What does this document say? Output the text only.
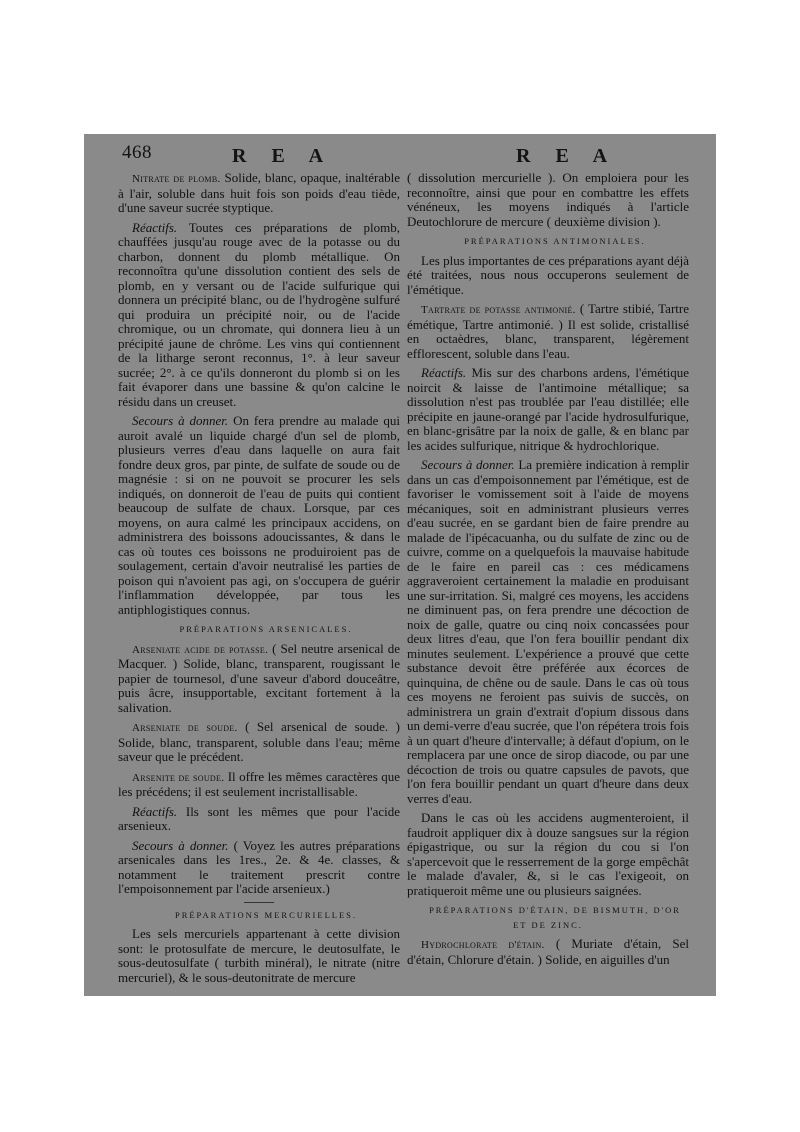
468	R E A	R E A

Nitrate de plomb. Solide, blanc, opaque, inaltérable à l'air, soluble dans huit fois son poids d'eau tiède, d'une saveur sucrée styptique.

Réactifs. Toutes ces préparations de plomb, chauffées jusqu'au rouge avec de la potasse ou du charbon, donnent du plomb métallique. On reconnoîtra qu'une dissolution contient des sels de plomb, en y versant ou de l'acide sulfurique qui donnera un précipité blanc, ou de l'hydrogène sulfuré qui produira un précipité noir, ou de l'acide chromique, ou un chromate, qui donnera lieu à un précipité jaune de chrôme. Les vins qui contiennent de la litharge seront reconnus, 1°. à leur saveur sucrée; 2°. à ce qu'ils donneront du plomb si on les fait évaporer dans une bassine & qu'on calcine le résidu dans un creuset.

Secours à donner. On fera prendre au malade qui auroit avalé un liquide chargé d'un sel de plomb, plusieurs verres d'eau dans laquelle on aura fait fondre deux gros, par pinte, de sulfate de soude ou de magnésie : si on ne pouvoit se procurer les sels indiqués, on donneroit de l'eau de puits qui contient beaucoup de sulfate de chaux. Lorsque, par ces moyens, on aura calmé les principaux accidens, on administrera des boissons adoucissantes, & dans le cas où toutes ces boissons ne produiroient pas de soulagement, certain d'avoir neutralisé les parties de poison qui n'avoient pas agi, on s'occupera de guérir l'inflammation développée, par tous les antiphlogistiques connus.

PRÉPARATIONS ARSENICALES.

Arseniate acide de potasse. ( Sel neutre arsenical de Macquer. ) Solide, blanc, transparent, rougissant le papier de tournesol, d'une saveur d'abord douceâtre, puis âcre, insupportable, excitant fortement à la salivation.

Arseniate de soude. ( Sel arsenical de soude. ) Solide, blanc, transparent, soluble dans l'eau; même saveur que le précédent.

Arsenite de soude. Il offre les mêmes caractères que les précédens; il est seulement incristallisable.

Réactifs. Ils sont les mêmes que pour l'acide arsenieux.

Secours à donner. ( Voyez les autres préparations arsenicales dans les 1res., 2e. & 4e. classes, & notamment le traitement prescrit contre l'empoisonnement par l'acide arsenieux.)

PRÉPARATIONS MERCURIELLES.

Les sels mercuriels appartenant à cette division sont: le protosulfate de mercure, le deutosulfate, le sous-deutosulfate ( turbith minéral), le nitrate (nitre mercuriel), & le sous-deutonitrate de mercure

( dissolution mercurielle ). On emploiera pour les reconnoître, ainsi que pour en combattre les effets vénéneux, les moyens indiqués à l'article Deutochlorure de mercure ( deuxième division ).

PRÉPARATIONS ANTIMONIALES.

Les plus importantes de ces préparations ayant déjà été traitées, nous nous occuperons seulement de l'émétique.

Tartrate de potasse antimonié. ( Tartre stibié, Tartre émétique, Tartre antimonié. ) Il est solide, cristallisé en octaèdres, blanc, transparent, légèrement efflorescent, soluble dans l'eau.

Réactifs. Mis sur des charbons ardens, l'émétique noircit & laisse de l'antimoine métallique; sa dissolution n'est pas troublée par l'eau distillée; elle précipite en jaune-orangé par l'acide hydrosulfurique, en blanc-grisâtre par la noix de galle, & en blanc par les acides sulfurique, nitrique & hydrochlorique.

Secours à donner. La première indication à remplir dans un cas d'empoisonnement par l'émétique, est de favoriser le vomissement soit à l'aide de moyens mécaniques, soit en administrant plusieurs verres d'eau sucrée, en se gardant bien de faire prendre au malade de l'ipécacuanha, ou du sulfate de zinc ou de cuivre, comme on a quelquefois la mauvaise habitude de le faire en pareil cas : ces médicamens aggraveroient certainement la maladie en produisant une sur-irritation. Si, malgré ces moyens, les accidens ne diminuent pas, on fera prendre une décoction de noix de galle, quatre ou cinq noix concassées pour deux litres d'eau, que l'on fera bouillir pendant dix minutes seulement. L'expérience a prouvé que cette substance devoit être préférée aux écorces de quinquina, de chêne ou de saule. Dans le cas où tous ces moyens ne feroient pas suivis de succès, on administrera un grain d'extrait d'opium dissous dans un demi-verre d'eau sucrée, que l'on répétera trois fois à un quart d'heure d'intervalle; à défaut d'opium, on le remplacera par une once de sirop diacode, ou par une décoction de trois ou quatre capsules de pavots, que l'on fera bouillir pendant un quart d'heure dans deux verres d'eau.

Dans le cas où les accidens augmenteroient, il faudroit appliquer dix à douze sangsues sur la région épigastrique, ou sur la région du cou si l'on s'apercevoit que le resserrement de la gorge empêchât le malade d'avaler, &, si le cas l'exigeoit, on pratiqueroit même une ou plusieurs saignées.

PRÉPARATIONS D'ÉTAIN, DE BISMUTH, D'OR ET DE ZINC.

Hydrochlorate d'étain. ( Muriate d'étain, Sel d'étain, Chlorure d'étain. ) Solide, en aiguilles d'un
